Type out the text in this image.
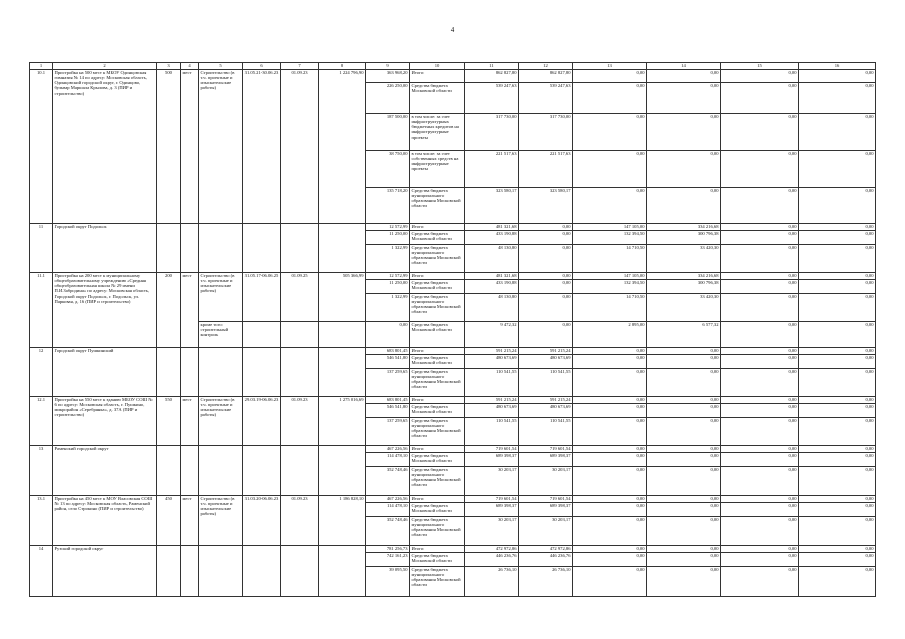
4
1	2	3	4	5	6	7	8	9	10	11	12	13	14	15	16
10.1	Пристройка на 500 мест к МБОУ Одинцовская гимназия № 14 по адресу: Московская область, Одинцовский городской округ, г. Одинцово, бульвар Маршала Крылова, д. 3 (ПИР и строительство)	500	мест	Строительство (в т.ч. проектные и изыскательские работы)	31.05.21-30.06.23	01.09.23	1 224 796,90	363 968,20	Итого:	862 827,80	862 827,80	0,00	0,00	0,00	0,00
								226 250,00	Средства бюджета Московской области	539 247,63	539 247,63	0,00	0,00	0,00	0,00
								187 500,00	в том числе: за счет инфраструктурных бюджетных кредитов на инфраструктурные проекты	317 730,00	317 730,00	0,00	0,00	0,00	0,00
								38 750,00	в том числе: за счет собственных средств на инфраструктурные проекты	221 517,63	221 517,63	0,00	0,00	0,00	0,00
								135 718,20	Средства бюджета муниципального образования Московской области	323 580,17	323 580,17	0,00	0,00	0,00	0,00
11	Городской округ Подольск							12 572,99	Итого:	481 321,68	0,00	147 105,00	334 216,68	0,00	0,00
								11 250,00	Средства бюджета Московской области	433 190,88	0,00	132 394,50	300 796,38	0,00	0,00
								1 322,99	Средства бюджета муниципального образования Московской области	48 130,80	0,00	14 710,50	33 420,30	0,00	0,00
11.1	Пристройка на 200 мест к муниципальному общеобразовательному учреждению «Средняя общеобразовательная школа № 29 имени П.И.Забродина» по адресу: Московская область, Городской округ Подольск, г. Подольск, ул. Парковая, д. 16 (ПИР и строительство)	200	мест	Строительство (в т.ч. проектные и изыскательские работы)	31.05.17-06.06.25	01.09.25	505 366,99	12 572,99	Итого:	481 321,68	0,00	147 105,00	334 216,68	0,00	0,00
								11 250,00	Средства бюджета Московской области	433 190,88	0,00	132 394,50	300 796,38	0,00	0,00
								1 322,99	Средства бюджета муниципального образования Московской области	48 130,80	0,00	14 710,50	33 420,30	0,00	0,00
				кроме того: строительный контроль				0,00	Средства бюджета Московской области	9 472,32	0,00	2 895,00	6 577,32	0,00	0,00
12	Городской округ Пушкинский							683 801,45	Итого:	591 215,24	591 215,24	0,00	0,00	0,00	0,00
								546 541,80	Средства бюджета Московской области	480 673,69	480 673,69	0,00	0,00	0,00	0,00
								137 259,65	Средства бюджета муниципального образования Московской области	110 541,55	110 541,55	0,00	0,00	0,00	0,00
12.1	Пристройка на 550 мест к зданию МБОУ СОШ № 6 по адресу: Московская область, г. Пушкино, микрорайон «Серебрянка», д. 37А (ПИР и строительство)	550	мест	Строительство (в т.ч. проектные и изыскательские работы)	29.03.19-06.06.23	01.09.23	1 275 016,69	683 801,45	Итого:	591 215,24	591 215,24	0,00	0,00	0,00	0,00
								546 541,80	Средства бюджета Московской области	480 673,69	480 673,69	0,00	0,00	0,00	0,00
								137 259,65	Средства бюджета муниципального образования Московской области	110 541,55	110 541,55	0,00	0,00	0,00	0,00
13	Раменский городской округ							467 226,56	Итого:	719 601,54	719 601,54	0,00	0,00	0,00	0,00
								114 478,10	Средства бюджета Московской области	689 398,37	689 398,37	0,00	0,00	0,00	0,00
								352 748,46	Средства бюджета муниципального образования Московской области	30 203,17	30 203,17	0,00	0,00	0,00	0,00
13.1	Пристройка на 450 мест к МОУ Власовская СОШ № 13 по адресу: Московская область, Раменский район, село Строкино (ПИР и строительство)	450	мест	Строительство (в т.ч. проектные и изыскательские работы)	31.03.20-06.06.23	01.09.23	1 186 828,10	467 226,56	Итого:	719 601,54	719 601,54	0,00	0,00	0,00	0,00
								114 478,10	Средства бюджета Московской области	689 398,37	689 398,37	0,00	0,00	0,00	0,00
								352 748,46	Средства бюджета муниципального образования Московской области	30 203,17	30 203,17	0,00	0,00	0,00	0,00
14	Рузский городской округ							781 256,73	Итого:	472 972,86	472 972,86	0,00	0,00	0,00	0,00
								742 161,23	Средства бюджета Московской области	446 236,76	446 236,76	0,00	0,00	0,00	0,00
								39 095,50	Средства бюджета муниципального образования Московской области	26 736,10	26 736,10	0,00	0,00	0,00	0,00
